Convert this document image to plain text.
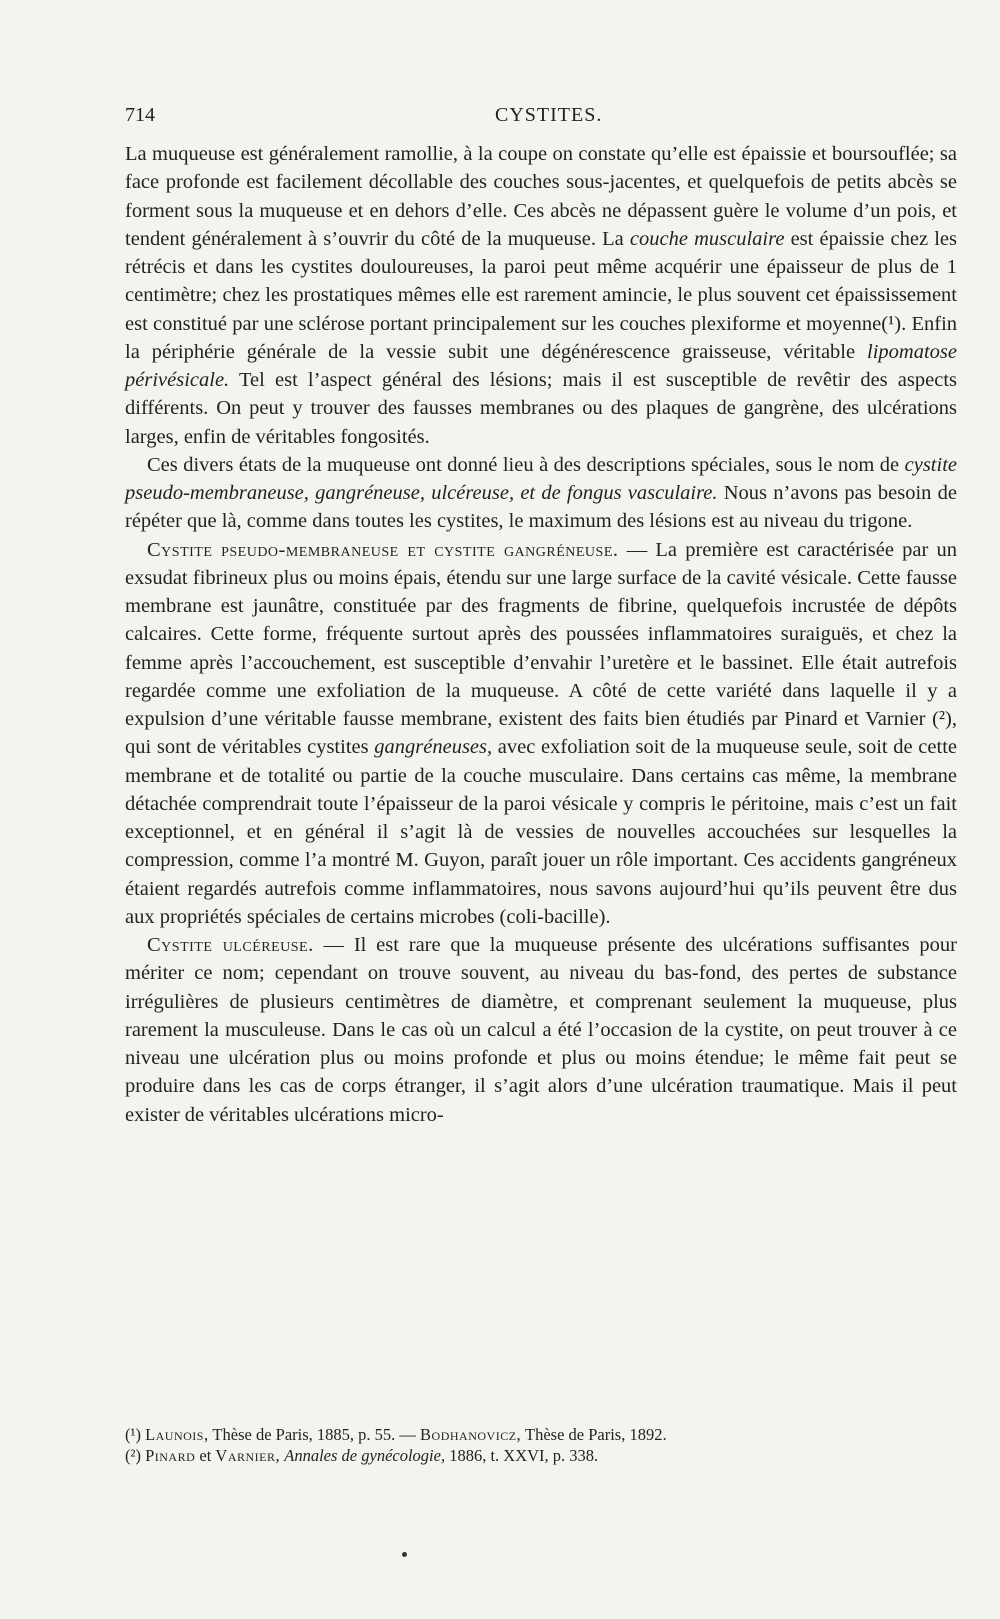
714	CYSTITES.

La muqueuse est généralement ramollie, à la coupe on constate qu’elle est épaissie et boursouflée; sa face profonde est facilement décollable des couches sous-jacentes, et quelquefois de petits abcès se forment sous la muqueuse et en dehors d’elle. Ces abcès ne dépassent guère le volume d’un pois, et tendent généralement à s’ouvrir du côté de la muqueuse. La couche musculaire est épaissie chez les rétrécis et dans les cystites douloureuses, la paroi peut même acquérir une épaisseur de plus de 1 centimètre; chez les prostatiques mêmes elle est rarement amincie, le plus souvent cet épaississement est constitué par une sclérose portant principalement sur les couches plexiforme et moyenne(¹). Enfin la périphérie générale de la vessie subit une dégénérescence graisseuse, véritable lipomatose périvésicale. Tel est l’aspect général des lésions; mais il est susceptible de revêtir des aspects différents. On peut y trouver des fausses membranes ou des plaques de gangrène, des ulcérations larges, enfin de véritables fongosités.

Ces divers états de la muqueuse ont donné lieu à des descriptions spéciales, sous le nom de cystite pseudo-membraneuse, gangréneuse, ulcéreuse, et de fongus vasculaire. Nous n’avons pas besoin de répéter que là, comme dans toutes les cystites, le maximum des lésions est au niveau du trigone.

Cystite pseudo-membraneuse et cystite gangréneuse. — La première est caractérisée par un exsudat fibrineux plus ou moins épais, étendu sur une large surface de la cavité vésicale. Cette fausse membrane est jaunâtre, constituée par des fragments de fibrine, quelquefois incrustée de dépôts calcaires. Cette forme, fréquente surtout après des poussées inflammatoires suraiguës, et chez la femme après l’accouchement, est susceptible d’envahir l’uretère et le bassinet. Elle était autrefois regardée comme une exfoliation de la muqueuse. A côté de cette variété dans laquelle il y a expulsion d’une véritable fausse membrane, existent des faits bien étudiés par Pinard et Varnier (²), qui sont de véritables cystites gangréneuses, avec exfoliation soit de la muqueuse seule, soit de cette membrane et de totalité ou partie de la couche musculaire. Dans certains cas même, la membrane détachée comprendrait toute l’épaisseur de la paroi vésicale y compris le péritoine, mais c’est un fait exceptionnel, et en général il s’agit là de vessies de nouvelles accouchées sur lesquelles la compression, comme l’a montré M. Guyon, paraît jouer un rôle important. Ces accidents gangréneux étaient regardés autrefois comme inflammatoires, nous savons aujourd’hui qu’ils peuvent être dus aux propriétés spéciales de certains microbes (coli-bacille).

Cystite ulcéreuse. — Il est rare que la muqueuse présente des ulcérations suffisantes pour mériter ce nom; cependant on trouve souvent, au niveau du bas-fond, des pertes de substance irrégulières de plusieurs centimètres de diamètre, et comprenant seulement la muqueuse, plus rarement la musculeuse. Dans le cas où un calcul a été l’occasion de la cystite, on peut trouver à ce niveau une ulcération plus ou moins profonde et plus ou moins étendue; le même fait peut se produire dans les cas de corps étranger, il s’agit alors d’une ulcération traumatique. Mais il peut exister de véritables ulcérations micro-

(¹) Launois, Thèse de Paris, 1885, p. 55. — Bodhanovicz, Thèse de Paris, 1892.

(²) Pinard et Varnier, Annales de gynécologie, 1886, t. XXVI, p. 338.
